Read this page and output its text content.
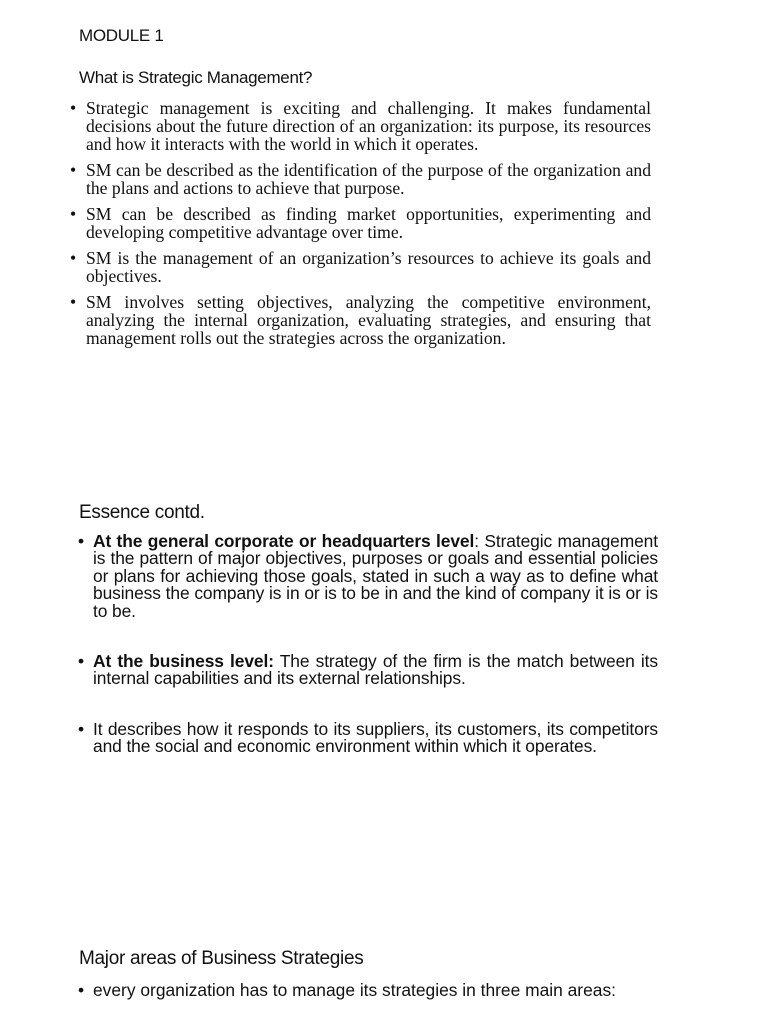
MODULE 1
What is Strategic Management?
• Strategic management is exciting and challenging. It makes fundamental decisions about the future direction of an organization: its purpose, its resources and how it interacts with the world in which it operates.
• SM can be described as the identification of the purpose of the organization and the plans and actions to achieve that purpose.
• SM can be described as finding market opportunities, experimenting and developing competitive advantage over time.
• SM is the management of an organization’s resources to achieve its goals and objectives.
• SM involves setting objectives, analyzing the competitive environment, analyzing the internal organization, evaluating strategies, and ensuring that management rolls out the strategies across the organization.
Essence contd.
• At the general corporate or headquarters level: Strategic management is the pattern of major objectives, purposes or goals and essential policies or plans for achieving those goals, stated in such a way as to define what business the company is in or is to be in and the kind of company it is or is to be.
• At the business level: The strategy of the firm is the match between its internal capabilities and its external relationships.
• It describes how it responds to its suppliers, its customers, its competitors and the social and economic environment within which it operates.
Major areas of Business Strategies
• every organization has to manage its strategies in three main areas:
